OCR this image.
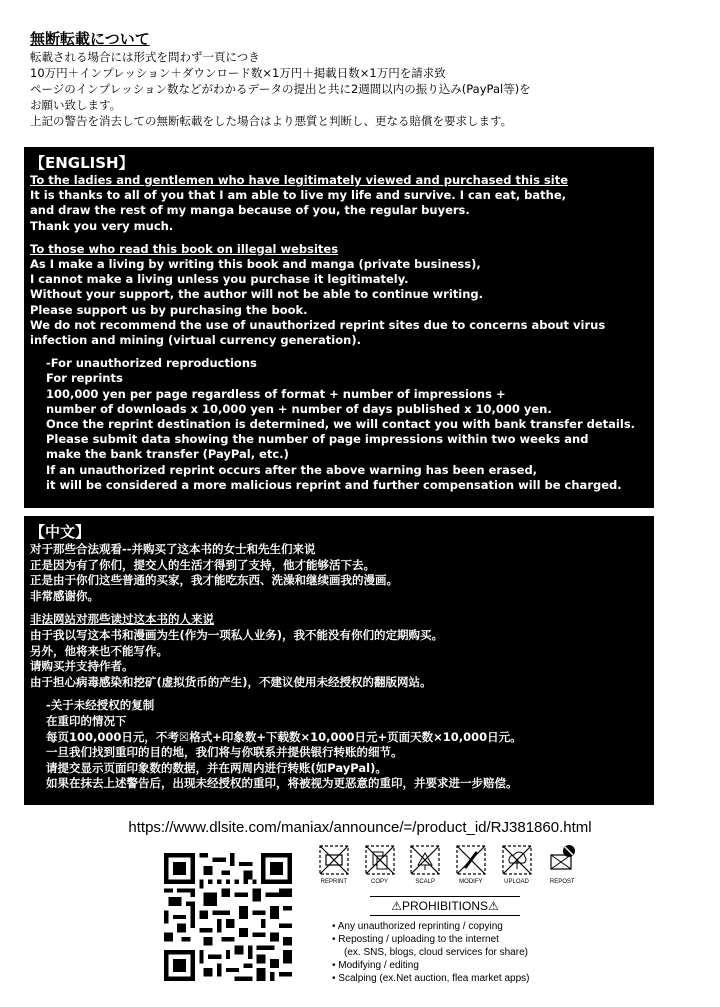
無断転載について
転載される場合には形式を問わず一頁につき
10万円＋インプレッション＋ダウンロード数×1万円＋掲載日数×1万円を請求致
ページのインプレッション数などがわかるデータの提出と共に2週間以内の振り込み(PayPal等)を
お願い致します。
上記の警告を消去しての無断転載をした場合はより悪質と判断し、更なる賠償を要求します。
【ENGLISH】
To the ladies and gentlemen who have legitimately viewed and purchased this site
It is thanks to all of you that I am able to live my life and survive. I can eat, bathe,
and draw the rest of my manga because of you, the regular buyers.
Thank you very much.
To those who read this book on illegal websites
As I make a living by writing this book and manga (private business),
I cannot make a living unless you purchase it legitimately.
Without your support, the author will not be able to continue writing.
Please support us by purchasing the book.
We do not recommend the use of unauthorized reprint sites due to concerns about virus
infection and mining (virtual currency generation).
-For unauthorized reproductions
For reprints
100,000 yen per page regardless of format + number of impressions +
number of downloads x 10,000 yen + number of days published x 10,000 yen.
Once the reprint destination is determined, we will contact you with bank transfer details.
Please submit data showing the number of page impressions within two weeks and
make the bank transfer (PayPal, etc.)
If an unauthorized reprint occurs after the above warning has been erased,
it will be considered a more malicious reprint and further compensation will be charged.
【中文】
对于那些合法观看--并购买了这本书的女士和先生们来说
正是因为有了你们，提交人的生活才得到了支持，他才能够活下去。
正是由于你们这些普通的买家，我才能吃东西、洗澡和继续画我的漫画。
非常感谢你。
非法网站对那些读过这本书的人来说
由于我以写这本书和漫画为生(作为一项私人业务)，我不能没有你们的定期购买。
另外，他将来也不能写作。
请购买并支持作者。
由于担心病毒感染和挖矿(虚拟货币的产生)，不建议使用未经授权的翻版网站。
-关于未经授权的复制
在重印的情况下
每页100,000日元，不考☒格式+印象数+下载数×10,000日元+页面天数×10,000日元。
一旦我们找到重印的目的地，我们将与你联系并提供银行转账的细节。
请提交显示页面印象数的数据，并在两周内进行转账(如PayPal)。
如果在抹去上述警告后，出现未经授权的重印，将被视为更恶意的重印，并要求进一步赔偿。
https://www.dlsite.com/maniax/announce/=/product_id/RJ381860.html
REPRINT	COPY	SCALP	MODIFY	UPLOAD	REPOST
⚠PROHIBITIONS⚠
• Any unauthorized reprinting / copying
• Reposting / uploading to the internet
(ex. SNS, blogs, cloud services for share)
• Modifying / editing
• Scalping (ex.Net auction, flea market apps)
